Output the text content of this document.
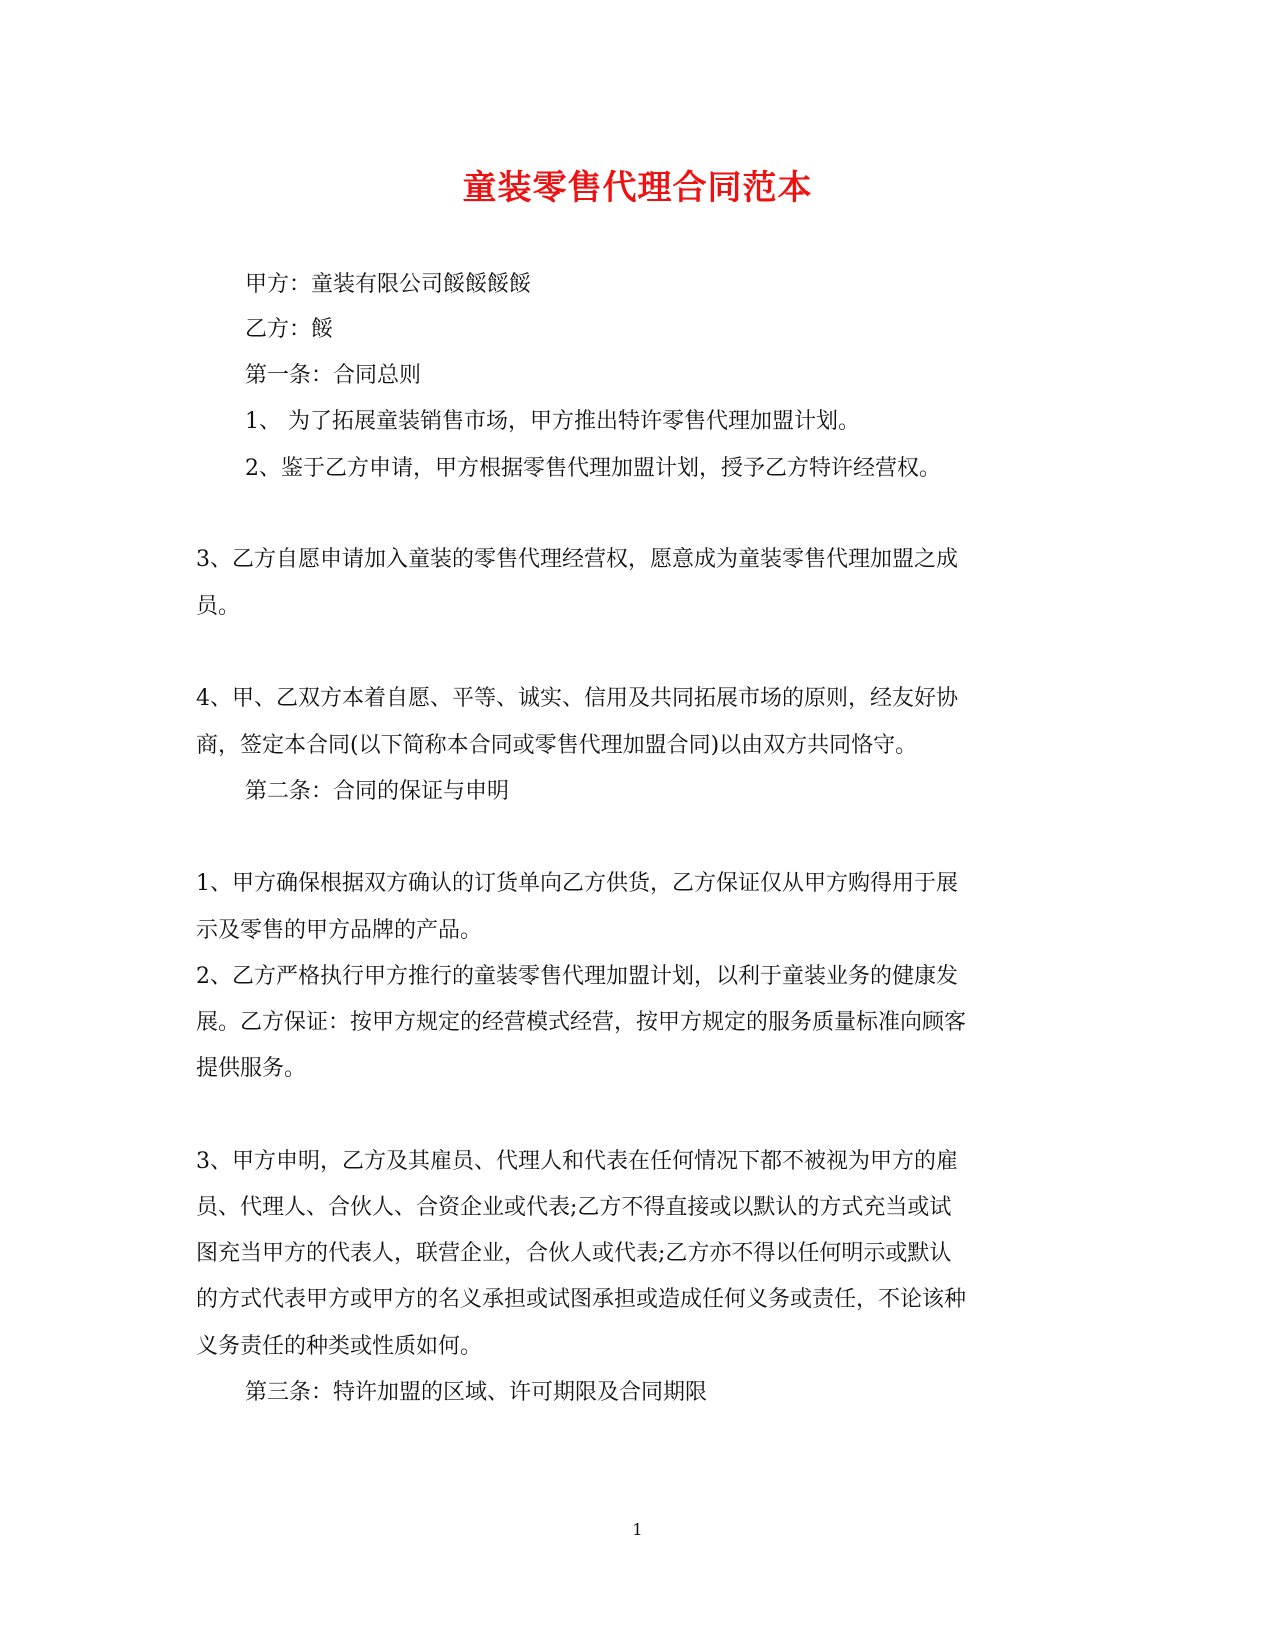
童装零售代理合同范本
甲方：童装有限公司餒餒餒餒
乙方：餒
第一条：合同总则
1、 为了拓展童装销售市场，甲方推出特许零售代理加盟计划。
2、鉴于乙方申请，甲方根据零售代理加盟计划，授予乙方特许经营权。
3、乙方自愿申请加入童装的零售代理经营权，愿意成为童装零售代理加盟之成
员。
4、甲、乙双方本着自愿、平等、诚实、信用及共同拓展市场的原则，经友好协
商，签定本合同(以下简称本合同或零售代理加盟合同)以由双方共同恪守。
第二条：合同的保证与申明
1、甲方确保根据双方确认的订货单向乙方供货，乙方保证仅从甲方购得用于展
示及零售的甲方品牌的产品。
2、乙方严格执行甲方推行的童装零售代理加盟计划，以利于童装业务的健康发
展。乙方保证：按甲方规定的经营模式经营，按甲方规定的服务质量标准向顾客
提供服务。
3、甲方申明，乙方及其雇员、代理人和代表在任何情况下都不被视为甲方的雇
员、代理人、合伙人、合资企业或代表;乙方不得直接或以默认的方式充当或试
图充当甲方的代表人，联营企业，合伙人或代表;乙方亦不得以任何明示或默认
的方式代表甲方或甲方的名义承担或试图承担或造成任何义务或责任，不论该种
义务责任的种类或性质如何。
第三条：特许加盟的区域、许可期限及合同期限
1
